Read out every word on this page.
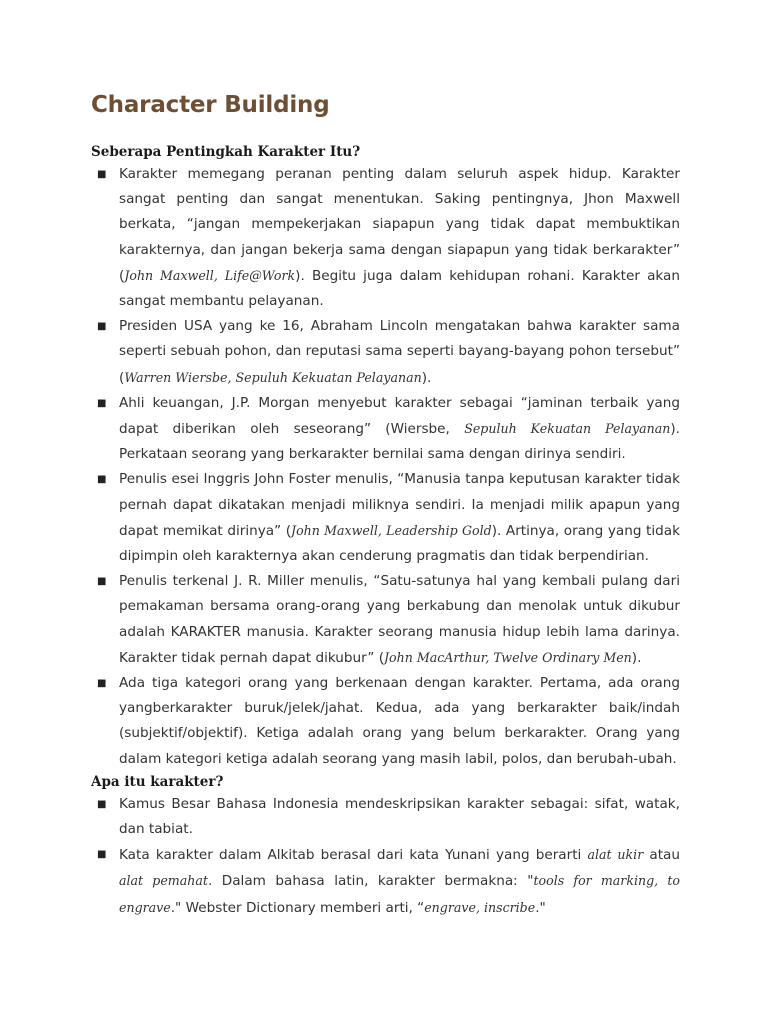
Character Building

Seberapa Pentingkah Karakter Itu?

■ Karakter memegang peranan penting dalam seluruh aspek hidup. Karakter sangat penting dan sangat menentukan. Saking pentingnya, Jhon Maxwell berkata, “jangan mempekerjakan siapapun yang tidak dapat membuktikan karakternya, dan jangan bekerja sama dengan siapapun yang tidak berkarakter” (John Maxwell, Life@Work). Begitu juga dalam kehidupan rohani. Karakter akan sangat membantu pelayanan.
■ Presiden USA yang ke 16, Abraham Lincoln mengatakan bahwa karakter sama seperti sebuah pohon, dan reputasi sama seperti bayang-bayang pohon tersebut” (Warren Wiersbe, Sepuluh Kekuatan Pelayanan).
■ Ahli keuangan, J.P. Morgan menyebut karakter sebagai “jaminan terbaik yang dapat diberikan oleh seseorang” (Wiersbe, Sepuluh Kekuatan Pelayanan). Perkataan seorang yang berkarakter bernilai sama dengan dirinya sendiri.
■ Penulis esei Inggris John Foster menulis, “Manusia tanpa keputusan karakter tidak pernah dapat dikatakan menjadi miliknya sendiri. Ia menjadi milik apapun yang dapat memikat dirinya” (John Maxwell, Leadership Gold). Artinya, orang yang tidak dipimpin oleh karakternya akan cenderung pragmatis dan tidak berpendirian.
■ Penulis terkenal J. R. Miller menulis, “Satu-satunya hal yang kembali pulang dari pemakaman bersama orang-orang yang berkabung dan menolak untuk dikubur adalah KARAKTER manusia. Karakter seorang manusia hidup lebih lama darinya. Karakter tidak pernah dapat dikubur” (John MacArthur, Twelve Ordinary Men).
■ Ada tiga kategori orang yang berkenaan dengan karakter. Pertama, ada orang yangberkarakter buruk/jelek/jahat. Kedua, ada yang berkarakter baik/indah (subjektif/objektif). Ketiga adalah orang yang belum berkarakter. Orang yang dalam kategori ketiga adalah seorang yang masih labil, polos, dan berubah-ubah.

Apa itu karakter?

■ Kamus Besar Bahasa Indonesia mendeskripsikan karakter sebagai: sifat, watak, dan tabiat.
■ Kata karakter dalam Alkitab berasal dari kata Yunani yang berarti alat ukir atau alat pemahat. Dalam bahasa latin, karakter bermakna: "tools for marking, to engrave." Webster Dictionary memberi arti, “engrave, inscribe."
